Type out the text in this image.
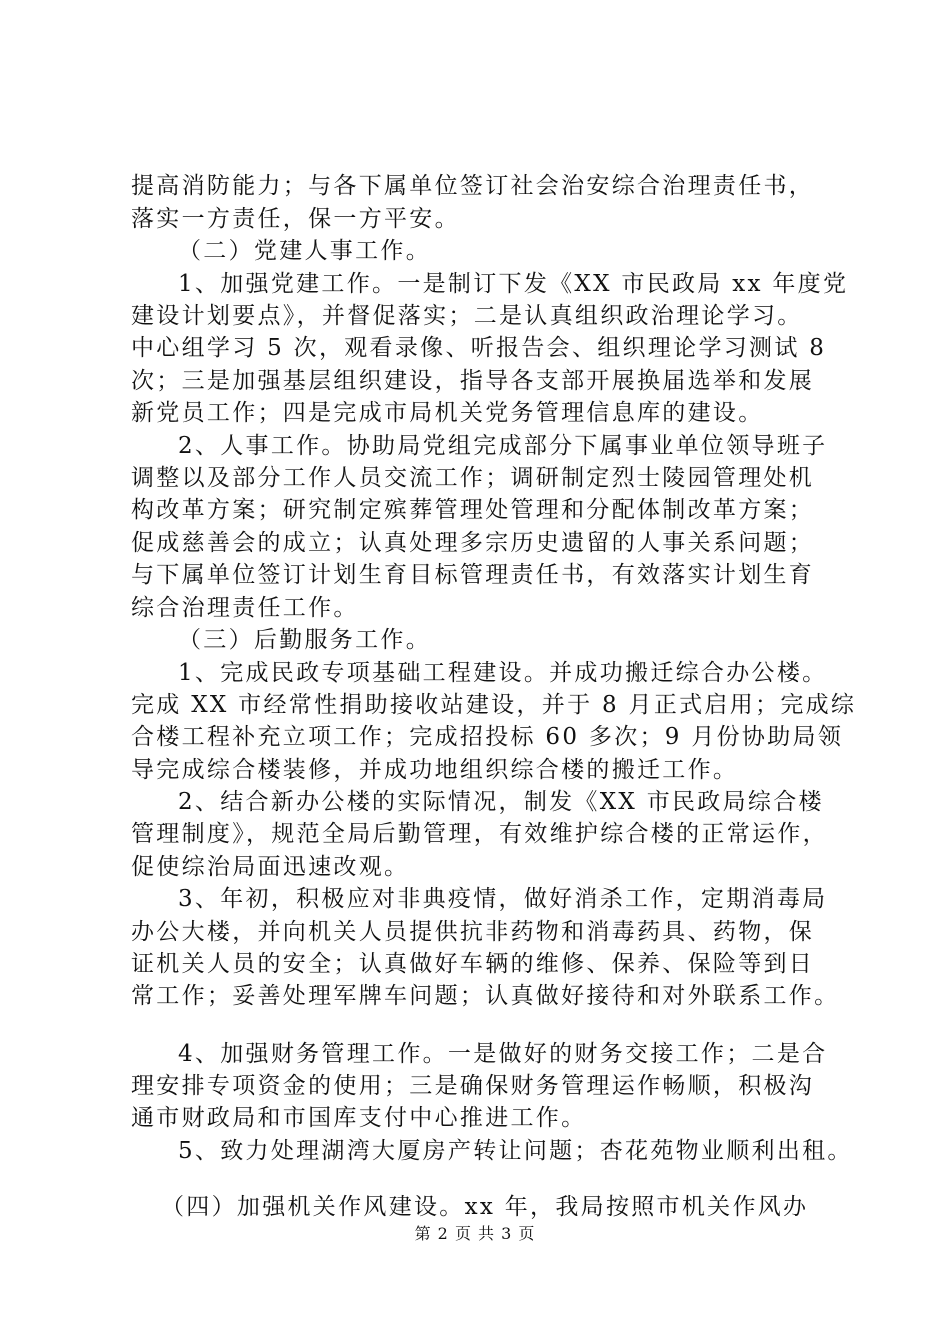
提高消防能力；与各下属单位签订社会治安综合治理责任书，
落实一方责任，保一方平安。
（二）党建人事工作。
1、加强党建工作。一是制订下发《XX 市民政局 xx 年度党
建设计划要点》，并督促落实；二是认真组织政治理论学习。
中心组学习 5 次，观看录像、听报告会、组织理论学习测试 8
次；三是加强基层组织建设，指导各支部开展换届选举和发展
新党员工作；四是完成市局机关党务管理信息库的建设。
2、人事工作。协助局党组完成部分下属事业单位领导班子
调整以及部分工作人员交流工作；调研制定烈士陵园管理处机
构改革方案；研究制定殡葬管理处管理和分配体制改革方案；
促成慈善会的成立；认真处理多宗历史遗留的人事关系问题；
与下属单位签订计划生育目标管理责任书，有效落实计划生育
综合治理责任工作。
（三）后勤服务工作。
1、完成民政专项基础工程建设。并成功搬迁综合办公楼。
完成 XX 市经常性捐助接收站建设，并于 8 月正式启用；完成综
合楼工程补充立项工作；完成招投标 60 多次；9 月份协助局领
导完成综合楼装修，并成功地组织综合楼的搬迁工作。
2、结合新办公楼的实际情况，制发《XX 市民政局综合楼
管理制度》，规范全局后勤管理，有效维护综合楼的正常运作，
促使综治局面迅速改观。
3、年初，积极应对非典疫情，做好消杀工作，定期消毒局
办公大楼，并向机关人员提供抗非药物和消毒药具、药物，保
证机关人员的安全；认真做好车辆的维修、保养、保险等到日
常工作；妥善处理军牌车问题；认真做好接待和对外联系工作。
4、加强财务管理工作。一是做好的财务交接工作；二是合
理安排专项资金的使用；三是确保财务管理运作畅顺，积极沟
通市财政局和市国库支付中心推进工作。
5、致力处理湖湾大厦房产转让问题；杏花苑物业顺利出租。
（四）加强机关作风建设。xx 年，我局按照市机关作风办
第 2 页 共 3 页
